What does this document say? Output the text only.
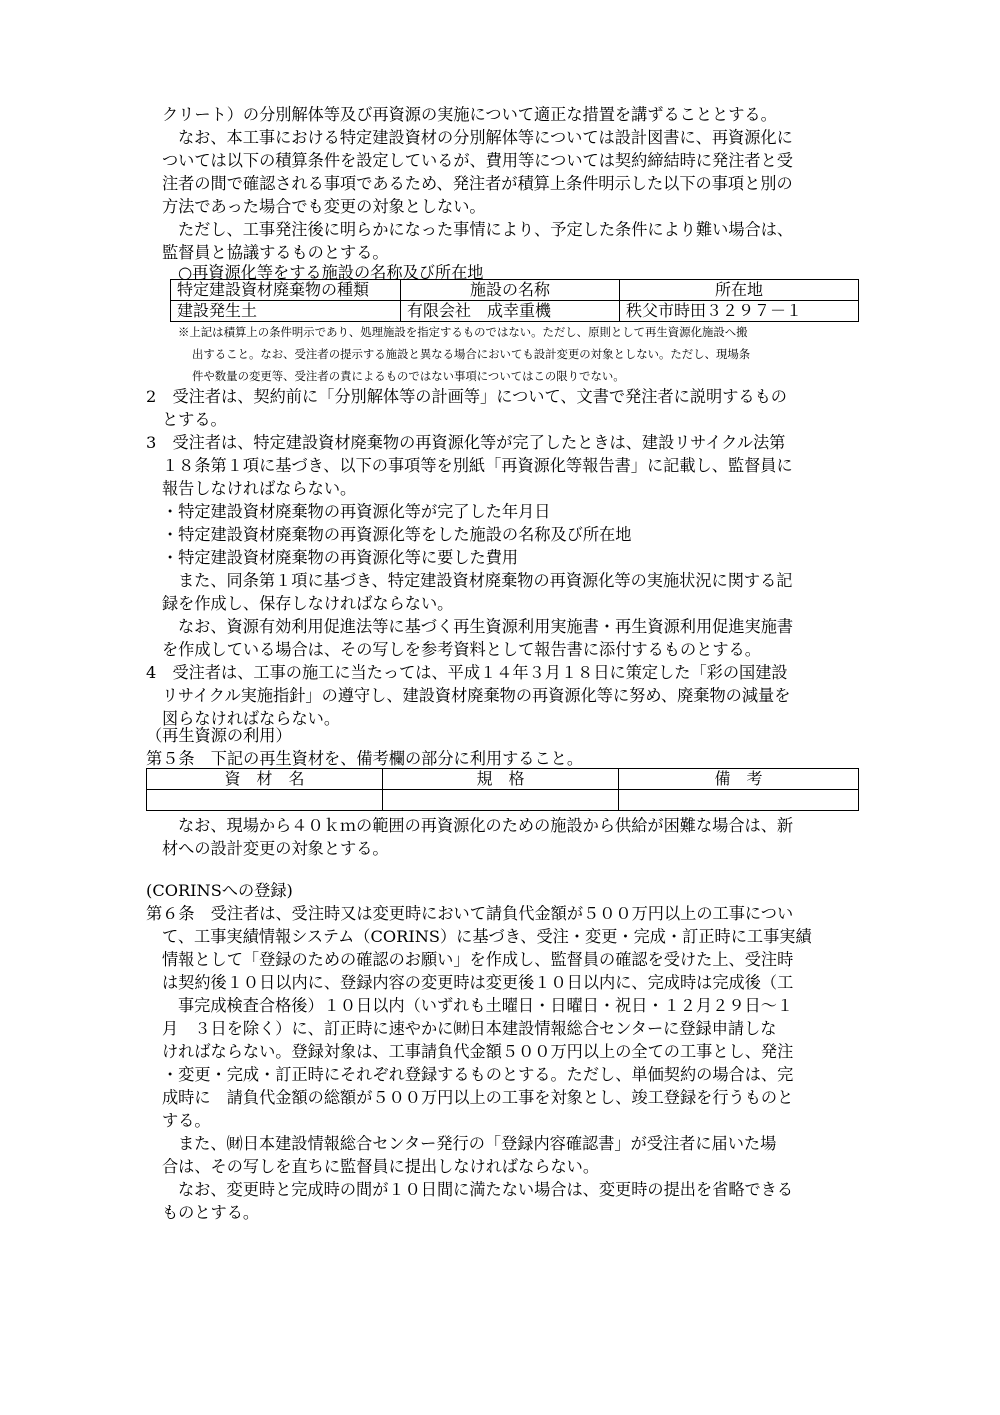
クリート）の分別解体等及び再資源の実施について適正な措置を講ずることとする。
なお、本工事における特定建設資材の分別解体等については設計図書に、再資源化に
ついては以下の積算条件を設定しているが、費用等については契約締結時に発注者と受
注者の間で確認される事項であるため、発注者が積算上条件明示した以下の事項と別の
方法であった場合でも変更の対象としない。
ただし、工事発注後に明らかになった事情により、予定した条件により難い場合は、
監督員と協議するものとする。
○再資源化等をする施設の名称及び所在地
特定建設資材廃棄物の種類	施設の名称	所在地
建設発生土	有限会社　成幸重機	秩父市時田３２９７－１
※上記は積算上の条件明示であり、処理施設を指定するものではない。ただし、原則として再生資源化施設へ搬
出すること。なお、受注者の提示する施設と異なる場合においても設計変更の対象としない。ただし、現場条
件や数量の変更等、受注者の責によるものではない事項についてはこの限りでない。
2　受注者は、契約前に「分別解体等の計画等」について、文書で発注者に説明するもの
とする。
3　受注者は、特定建設資材廃棄物の再資源化等が完了したときは、建設リサイクル法第
１８条第１項に基づき、以下の事項等を別紙「再資源化等報告書」に記載し、監督員に
報告しなければならない。
・特定建設資材廃棄物の再資源化等が完了した年月日
・特定建設資材廃棄物の再資源化等をした施設の名称及び所在地
・特定建設資材廃棄物の再資源化等に要した費用
また、同条第１項に基づき、特定建設資材廃棄物の再資源化等の実施状況に関する記
録を作成し、保存しなければならない。
なお、資源有効利用促進法等に基づく再生資源利用実施書・再生資源利用促進実施書
を作成している場合は、その写しを参考資料として報告書に添付するものとする。
4　受注者は、工事の施工に当たっては、平成１４年３月１８日に策定した「彩の国建設
リサイクル実施指針」の遵守し、建設資材廃棄物の再資源化等に努め、廃棄物の減量を
図らなければならない。
（再生資源の利用）
第５条　下記の再生資材を、備考欄の部分に利用すること。
資　材　名	規　格	備　考

なお、現場から４０ｋｍの範囲の再資源化のための施設から供給が困難な場合は、新
材への設計変更の対象とする。
(CORINSへの登録)
第６条　受注者は、受注時又は変更時において請負代金額が５００万円以上の工事につい
て、工事実績情報システム（CORINS）に基づき、受注・変更・完成・訂正時に工事実績
情報として「登録のための確認のお願い」を作成し、監督員の確認を受けた上、受注時
は契約後１０日以内に、登録内容の変更時は変更後１０日以内に、完成時は完成後（工
事完成検査合格後）１０日以内（いずれも土曜日・日曜日・祝日・１２月２９日～１
月　３日を除く）に、訂正時に速やかに㈶日本建設情報総合センターに登録申請しな
ければならない。登録対象は、工事請負代金額５００万円以上の全ての工事とし、発注
・変更・完成・訂正時にそれぞれ登録するものとする。ただし、単価契約の場合は、完
成時に　請負代金額の総額が５００万円以上の工事を対象とし、竣工登録を行うものと
する。
また、㈶日本建設情報総合センター発行の「登録内容確認書」が受注者に届いた場
合は、その写しを直ちに監督員に提出しなければならない。
なお、変更時と完成時の間が１０日間に満たない場合は、変更時の提出を省略できる
ものとする。
